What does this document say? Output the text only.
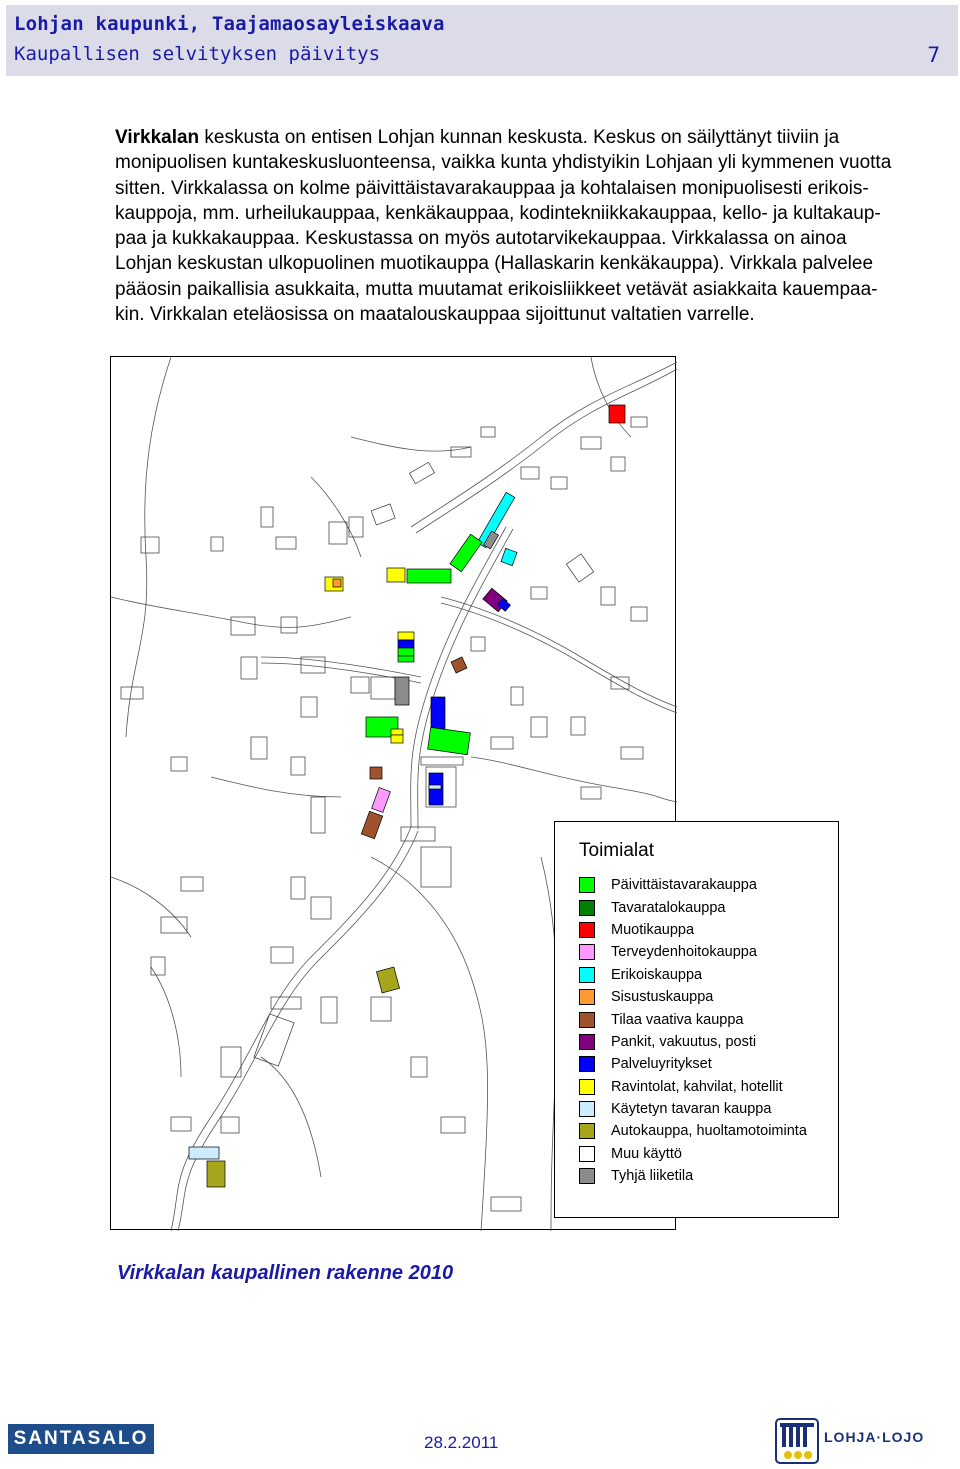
Lohjan kaupunki, Taajamaosayleiskaava
Kaupallisen selvityksen päivitys	7

Virkkalan keskusta on entisen Lohjan kunnan keskusta. Keskus on säilyttänyt tiiviin ja

monipuolisen kuntakeskusluonteensa, vaikka kunta yhdistyikin Lohjaan yli kymmenen vuotta

sitten. Virkkalassa on kolme päivittäistavarakauppaa ja kohtalaisen monipuolisesti erikois-

kauppoja, mm. urheilukauppaa, kenkäkauppaa, kodintekniikkakauppaa, kello- ja kultakaup-

paa ja kukkakauppaa. Keskustassa on myös autotarvikekauppaa. Virkkalassa on ainoa

Lohjan keskustan ulkopuolinen muotikauppa (Hallaskarin kenkäkauppa). Virkkala palvelee

pääosin paikallisia asukkaita, mutta muutamat erikoisliikkeet vetävät asiakkaita kauempaa-

kin. Virkkalan eteläosissa on maatalouskauppaa sijoittunut valtatien varrelle.

Toimialat
Päivittäistavarakauppa
Tavaratalokauppa
Muotikauppa
Terveydenhoitokauppa
Erikoiskauppa
Sisustuskauppa
Tilaa vaativa kauppa
Pankit, vakuutus, posti
Palveluyritykset
Ravintolat, kahvilat, hotellit
Käytetyn tavaran kauppa
Autokauppa, huoltamotoiminta
Muu käyttö
Tyhjä liiketila
Virkkalan kaupallinen rakenne 2010
SANTASALO	28.2.2011	LOHJA·LOJO
